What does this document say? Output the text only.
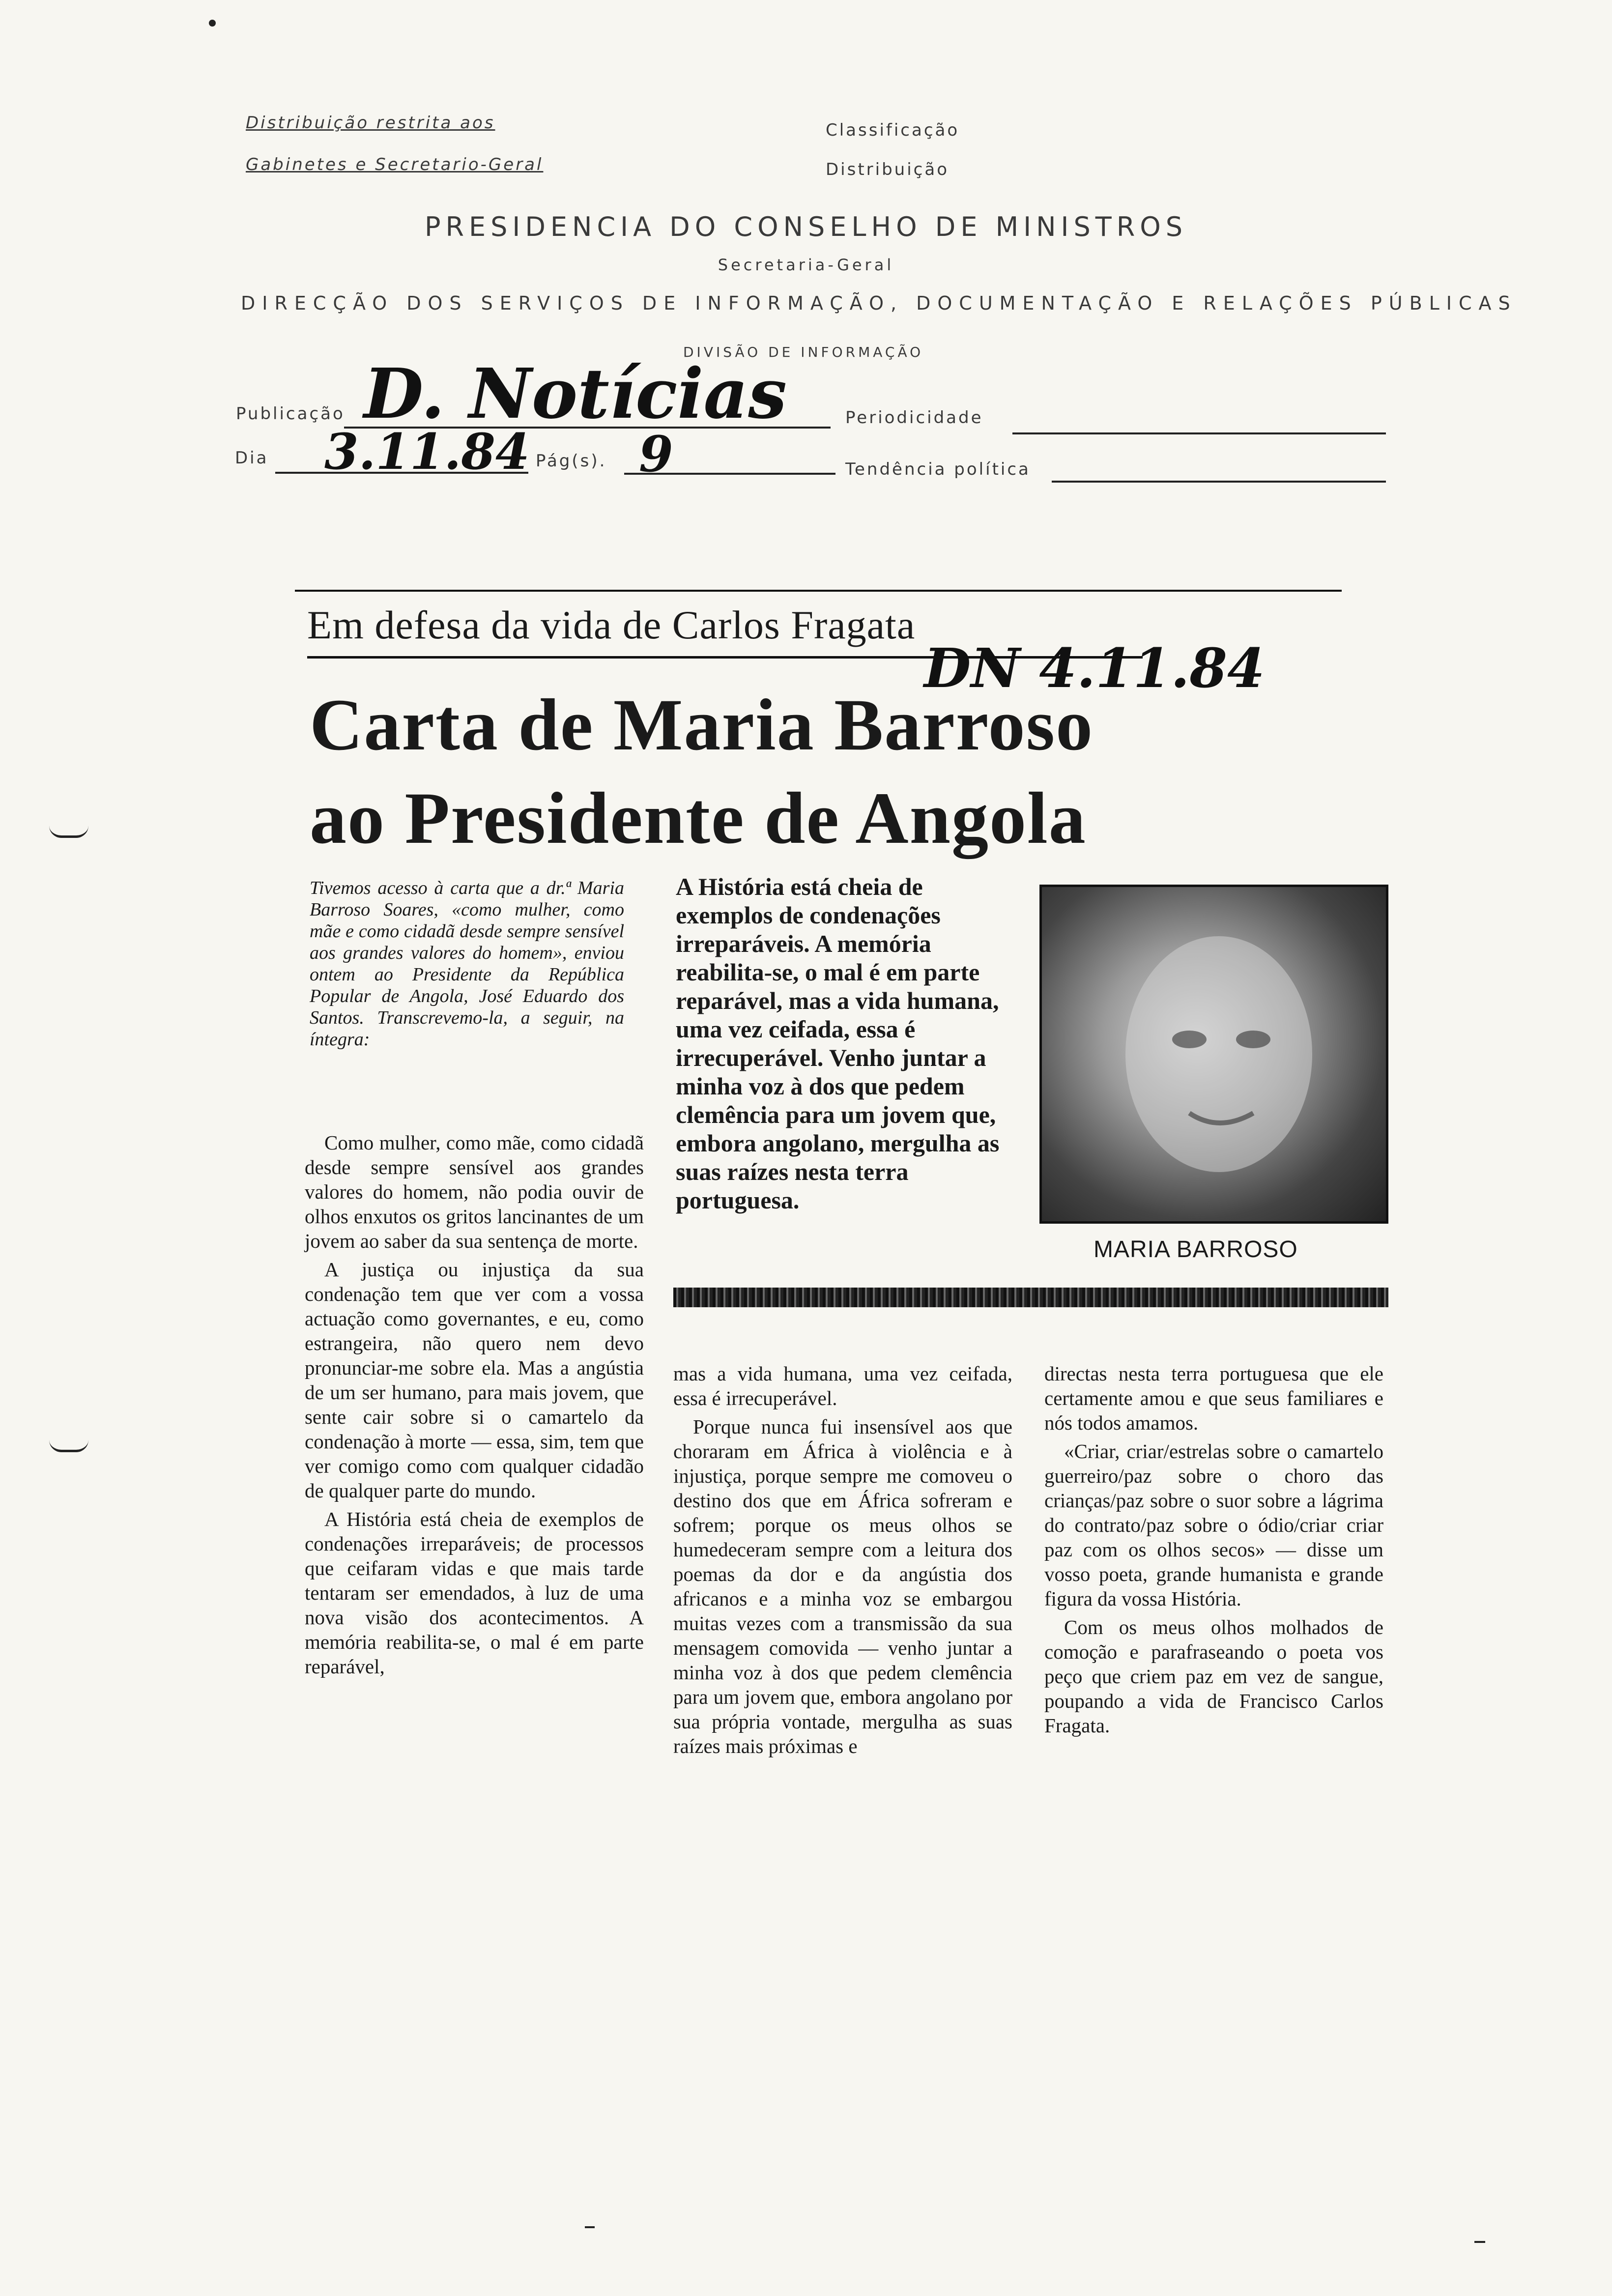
Distribuição restrita aos
Gabinetes e Secretario-Geral
Classificação
Distribuição
PRESIDENCIA DO CONSELHO DE MINISTROS
Secretaria-Geral
DIRECÇÃO DOS SERVIÇOS DE INFORMAÇÃO, DOCUMENTAÇÃO E RELAÇÕES PÚBLICAS
DIVISÃO DE INFORMAÇÃO
Publicação D. Notícias	Periodicidade
Dia 3.11.84 Pág(s). 9	Tendência política
Em defesa da vida de Carlos Fragata
DN 4.11.84
Carta de Maria Barroso
ao Presidente de Angola
Tivemos acesso à carta que a dr.ª Maria Barroso Soares, «como mulher, como mãe e como cidadã desde sempre sensível aos grandes valores do homem», enviou ontem ao Presidente da República Popular de Angola, José Eduardo dos Santos. Transcrevemo-la, a seguir, na íntegra:
A História está cheia de exemplos de condenações irreparáveis. A memória reabilita-se, o mal é em parte reparável, mas a vida humana, uma vez ceifada, essa é irrecuperável. Venho juntar a minha voz à dos que pedem clemência para um jovem que, embora angolano, mergulha as suas raízes nesta terra portuguesa.
MARIA BARROSO

Como mulher, como mãe, como cidadã desde sempre sensível aos grandes valores do homem, não podia ouvir de olhos enxutos os gritos lancinantes de um jovem ao saber da sua sentença de morte.

A justiça ou injustiça da sua condenação tem que ver com a vossa actuação como governantes, e eu, como estrangeira, não quero nem devo pronunciar-me sobre ela. Mas a angústia de um ser humano, para mais jovem, que sente cair sobre si o camartelo da condenação à morte — essa, sim, tem que ver comigo como com qualquer cidadão de qualquer parte do mundo.

A História está cheia de exemplos de condenações irreparáveis; de processos que ceifaram vidas e que mais tarde tentaram ser emendados, à luz de uma nova visão dos acontecimentos. A memória reabilita-se, o mal é em parte reparável,

mas a vida humana, uma vez ceifada, essa é irrecuperável.

Porque nunca fui insensível aos que choraram em África à violência e à injustiça, porque sempre me comoveu o destino dos que em África sofreram e sofrem; porque os meus olhos se humedeceram sempre com a leitura dos poemas da dor e da angústia dos africanos e a minha voz se embargou muitas vezes com a transmissão da sua mensagem comovida — venho juntar a minha voz à dos que pedem clemência para um jovem que, embora angolano por sua própria vontade, mergulha as suas raízes mais próximas e

directas nesta terra portuguesa que ele certamente amou e que seus familiares e nós todos amamos.

«Criar, criar/estrelas sobre o camartelo guerreiro/paz sobre o choro das crianças/paz sobre o suor sobre a lágrima do contrato/paz sobre o ódio/criar criar paz com os olhos secos» — disse um vosso poeta, grande humanista e grande figura da vossa História.

Com os meus olhos molhados de comoção e parafraseando o poeta vos peço que criem paz em vez de sangue, poupando a vida de Francisco Carlos Fragata.
